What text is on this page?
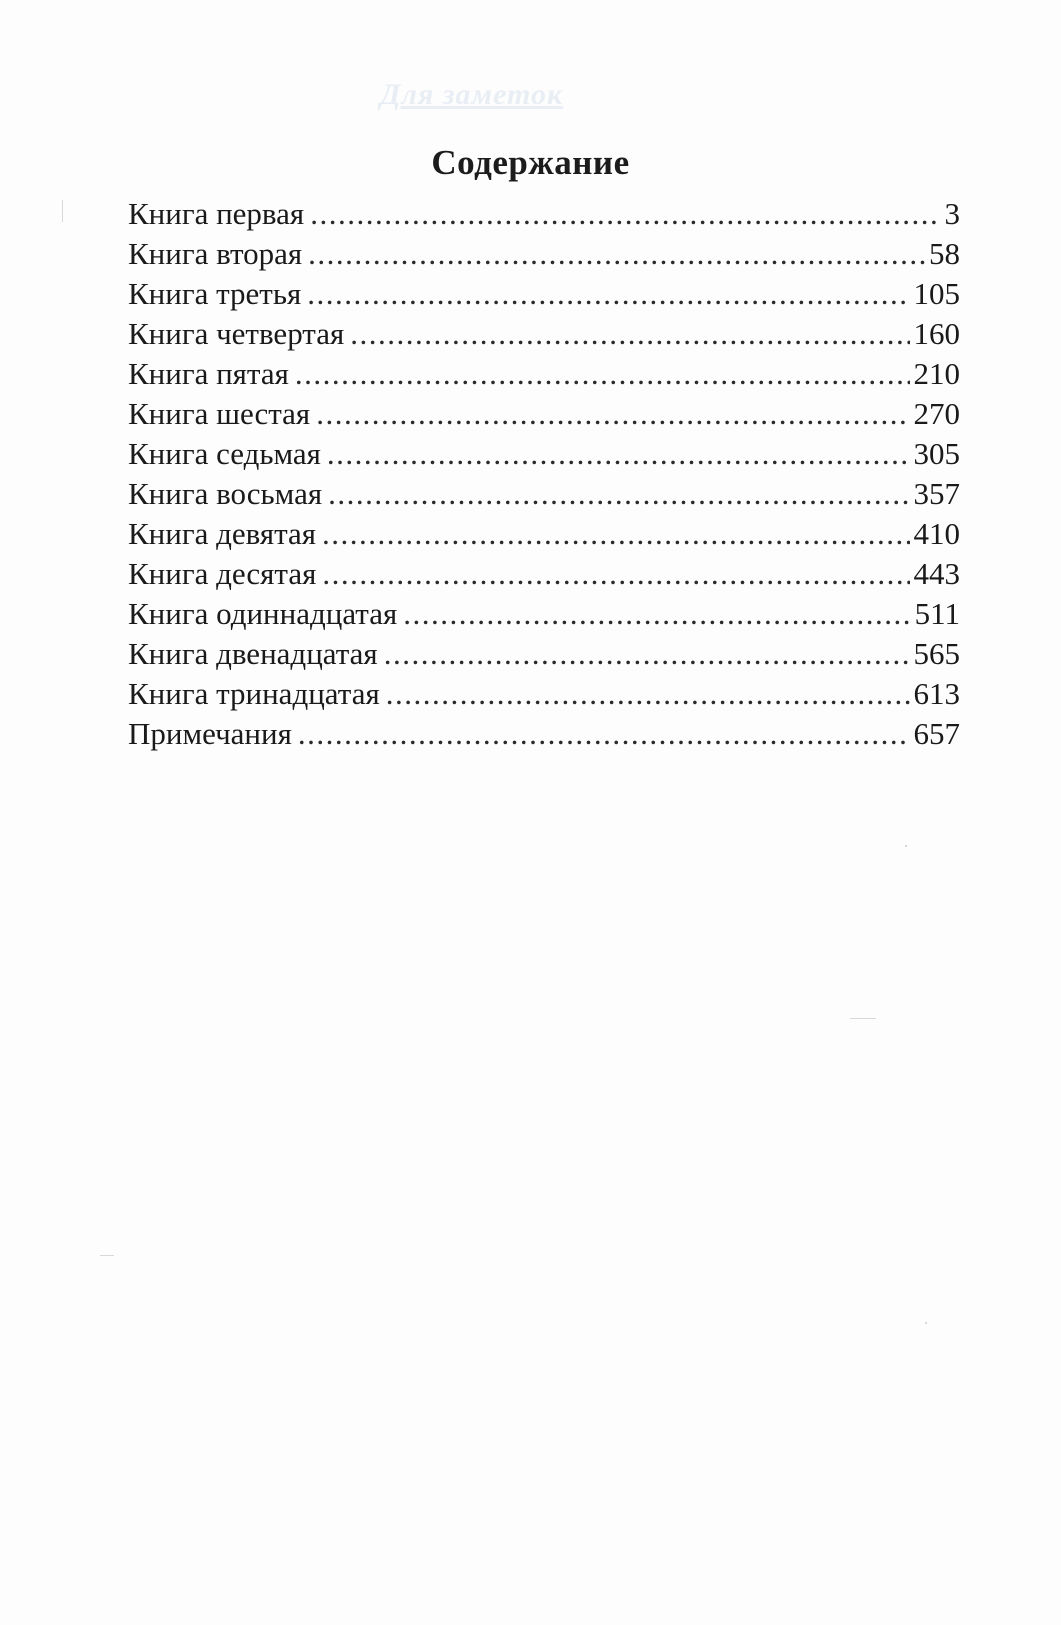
Для заметок
Содержание
Книга первая .....	3
Книга вторая .....	58
Книга третья .....	105
Книга четвертая .....	160
Книга пятая .....	210
Книга шестая .....	270
Книга седьмая .....	305
Книга восьмая .....	357
Книга девятая .....	410
Книга десятая .....	443
Книга одиннадцатая .....	511
Книга двенадцатая .....	565
Книга тринадцатая .....	613
Примечания .....	657
